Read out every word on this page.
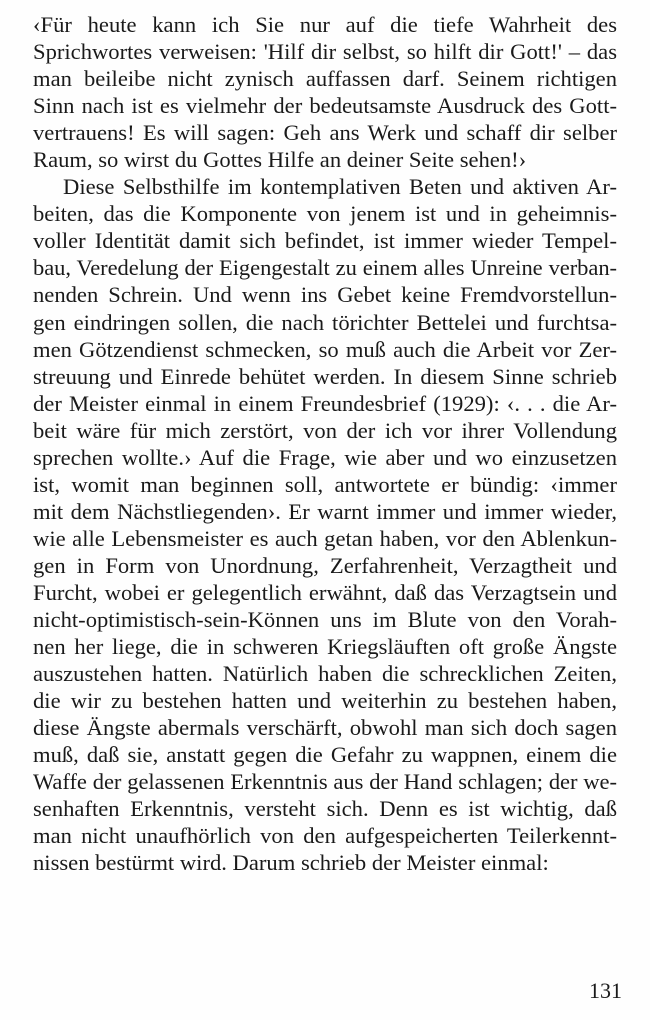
‹Für heute kann ich Sie nur auf die tiefe Wahrheit des
Sprichwortes verweisen: 'Hilf dir selbst, so hilft dir Gott!' – das
man beileibe nicht zynisch auffassen darf. Seinem richtigen
Sinn nach ist es vielmehr der bedeutsamste Ausdruck des Gott-
vertrauens! Es will sagen: Geh ans Werk und schaff dir selber
Raum, so wirst du Gottes Hilfe an deiner Seite sehen!›
Diese Selbsthilfe im kontemplativen Beten und aktiven Ar-
beiten, das die Komponente von jenem ist und in geheimnis-
voller Identität damit sich befindet, ist immer wieder Tempel-
bau, Veredelung der Eigengestalt zu einem alles Unreine verban-
nenden Schrein. Und wenn ins Gebet keine Fremdvorstellun-
gen eindringen sollen, die nach törichter Bettelei und furchtsa-
men Götzendienst schmecken, so muß auch die Arbeit vor Zer-
streuung und Einrede behütet werden. In diesem Sinne schrieb
der Meister einmal in einem Freundesbrief (1929): ‹. . . die Ar-
beit wäre für mich zerstört, von der ich vor ihrer Vollendung
sprechen wollte.› Auf die Frage, wie aber und wo einzusetzen
ist, womit man beginnen soll, antwortete er bündig: ‹immer
mit dem Nächstliegenden›. Er warnt immer und immer wieder,
wie alle Lebensmeister es auch getan haben, vor den Ablenkun-
gen in Form von Unordnung, Zerfahrenheit, Verzagtheit und
Furcht, wobei er gelegentlich erwähnt, daß das Verzagtsein und
nicht-optimistisch-sein-Können uns im Blute von den Vorah-
nen her liege, die in schweren Kriegsläuften oft große Ängste
auszustehen hatten. Natürlich haben die schrecklichen Zeiten,
die wir zu bestehen hatten und weiterhin zu bestehen haben,
diese Ängste abermals verschärft, obwohl man sich doch sagen
muß, daß sie, anstatt gegen die Gefahr zu wappnen, einem die
Waffe der gelassenen Erkenntnis aus der Hand schlagen; der we-
senhaften Erkenntnis, versteht sich. Denn es ist wichtig, daß
man nicht unaufhörlich von den aufgespeicherten Teilerkennt-
nissen bestürmt wird. Darum schrieb der Meister einmal:
131
